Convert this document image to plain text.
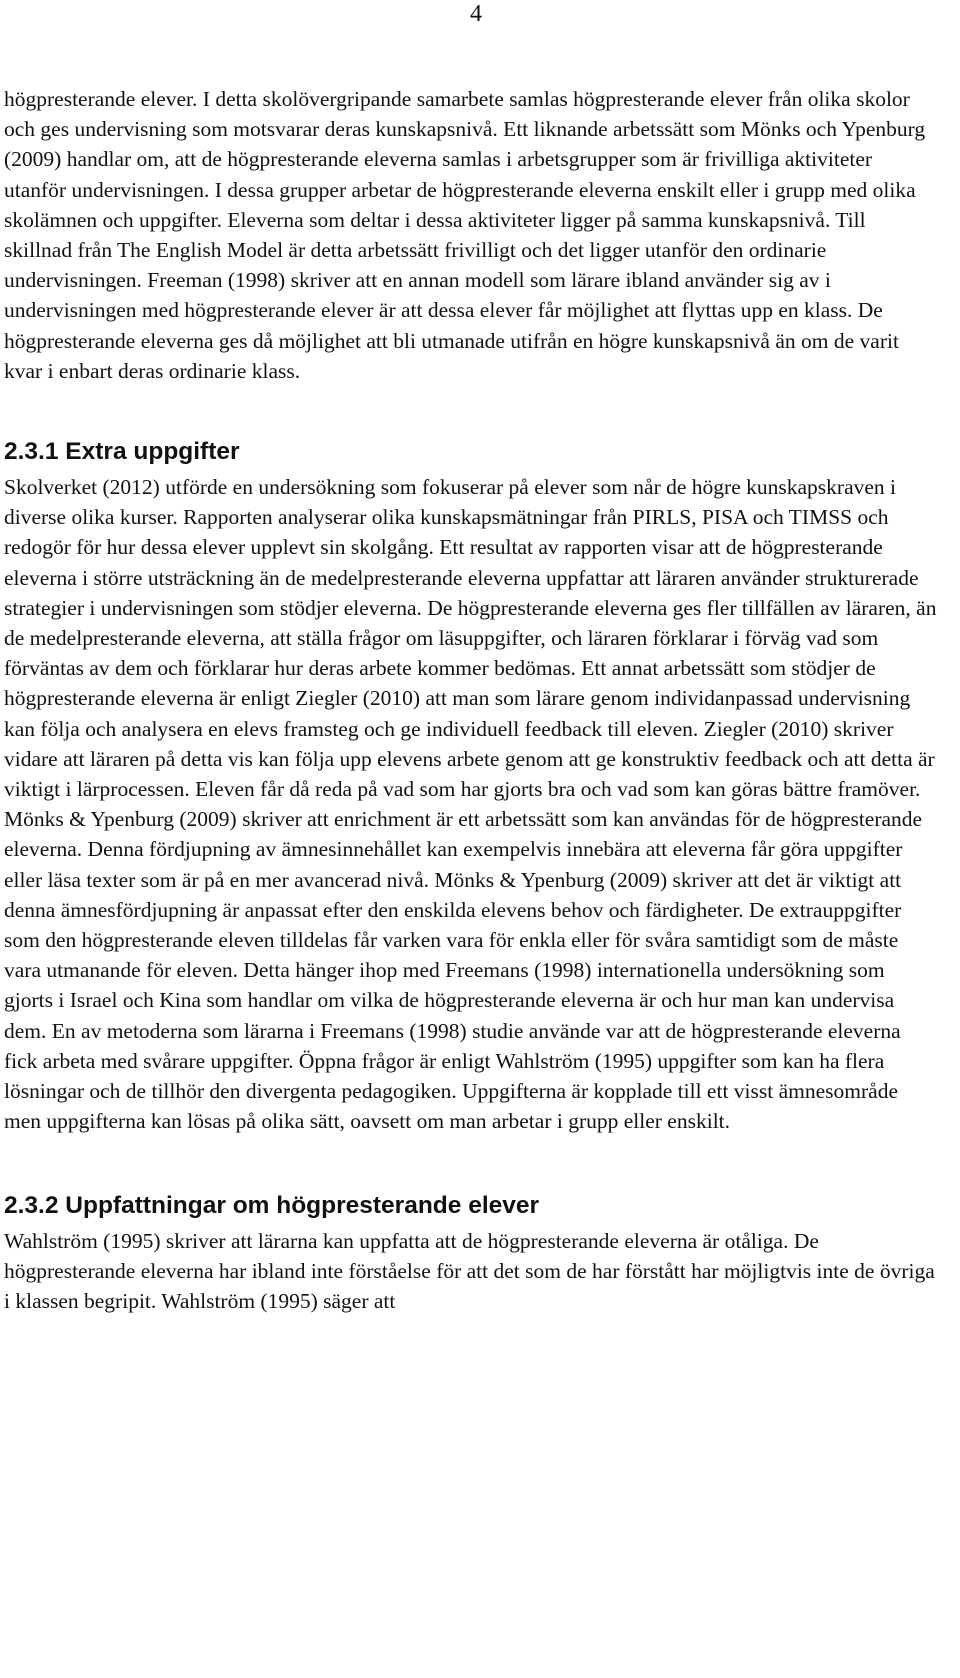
4

högpresterande elever. I detta skolövergripande samarbete samlas högpresterande elever från olika skolor och ges undervisning som motsvarar deras kunskapsnivå. Ett liknande arbetssätt som Mönks och Ypenburg (2009) handlar om, att de högpresterande eleverna samlas i arbetsgrupper som är frivilliga aktiviteter utanför undervisningen. I dessa grupper arbetar de högpresterande eleverna enskilt eller i grupp med olika skolämnen och uppgifter. Eleverna som deltar i dessa aktiviteter ligger på samma kunskapsnivå. Till skillnad från The English Model är detta arbetssätt frivilligt och det ligger utanför den ordinarie undervisningen. Freeman (1998) skriver att en annan modell som lärare ibland använder sig av i undervisningen med högpresterande elever är att dessa elever får möjlighet att flyttas upp en klass. De högpresterande eleverna ges då möjlighet att bli utmanade utifrån en högre kunskapsnivå än om de varit kvar i enbart deras ordinarie klass.

2.3.1 Extra uppgifter

Skolverket (2012) utförde en undersökning som fokuserar på elever som når de högre kunskapskraven i diverse olika kurser. Rapporten analyserar olika kunskapsmätningar från PIRLS, PISA och TIMSS och redogör för hur dessa elever upplevt sin skolgång. Ett resultat av rapporten visar att de högpresterande eleverna i större utsträckning än de medelpresterande eleverna uppfattar att läraren använder strukturerade strategier i undervisningen som stödjer eleverna. De högpresterande eleverna ges fler tillfällen av läraren, än de medelpresterande eleverna, att ställa frågor om läsuppgifter, och läraren förklarar i förväg vad som förväntas av dem och förklarar hur deras arbete kommer bedömas. Ett annat arbetssätt som stödjer de högpresterande eleverna är enligt Ziegler (2010) att man som lärare genom individanpassad undervisning kan följa och analysera en elevs framsteg och ge individuell feedback till eleven. Ziegler (2010) skriver vidare att läraren på detta vis kan följa upp elevens arbete genom att ge konstruktiv feedback och att detta är viktigt i lärprocessen. Eleven får då reda på vad som har gjorts bra och vad som kan göras bättre framöver. Mönks & Ypenburg (2009) skriver att enrichment är ett arbetssätt som kan användas för de högpresterande eleverna. Denna fördjupning av ämnesinnehållet kan exempelvis innebära att eleverna får göra uppgifter eller läsa texter som är på en mer avancerad nivå. Mönks & Ypenburg (2009) skriver att det är viktigt att denna ämnesfördjupning är anpassat efter den enskilda elevens behov och färdigheter. De extrauppgifter som den högpresterande eleven tilldelas får varken vara för enkla eller för svåra samtidigt som de måste vara utmanande för eleven. Detta hänger ihop med Freemans (1998) internationella undersökning som gjorts i Israel och Kina som handlar om vilka de högpresterande eleverna är och hur man kan undervisa dem. En av metoderna som lärarna i Freemans (1998) studie använde var att de högpresterande eleverna fick arbeta med svårare uppgifter. Öppna frågor är enligt Wahlström (1995) uppgifter som kan ha flera lösningar och de tillhör den divergenta pedagogiken. Uppgifterna är kopplade till ett visst ämnesområde men uppgifterna kan lösas på olika sätt, oavsett om man arbetar i grupp eller enskilt.

2.3.2 Uppfattningar om högpresterande elever

Wahlström (1995) skriver att lärarna kan uppfatta att de högpresterande eleverna är otåliga. De högpresterande eleverna har ibland inte förståelse för att det som de har förstått har möjligtvis inte de övriga i klassen begripit. Wahlström (1995) säger att
